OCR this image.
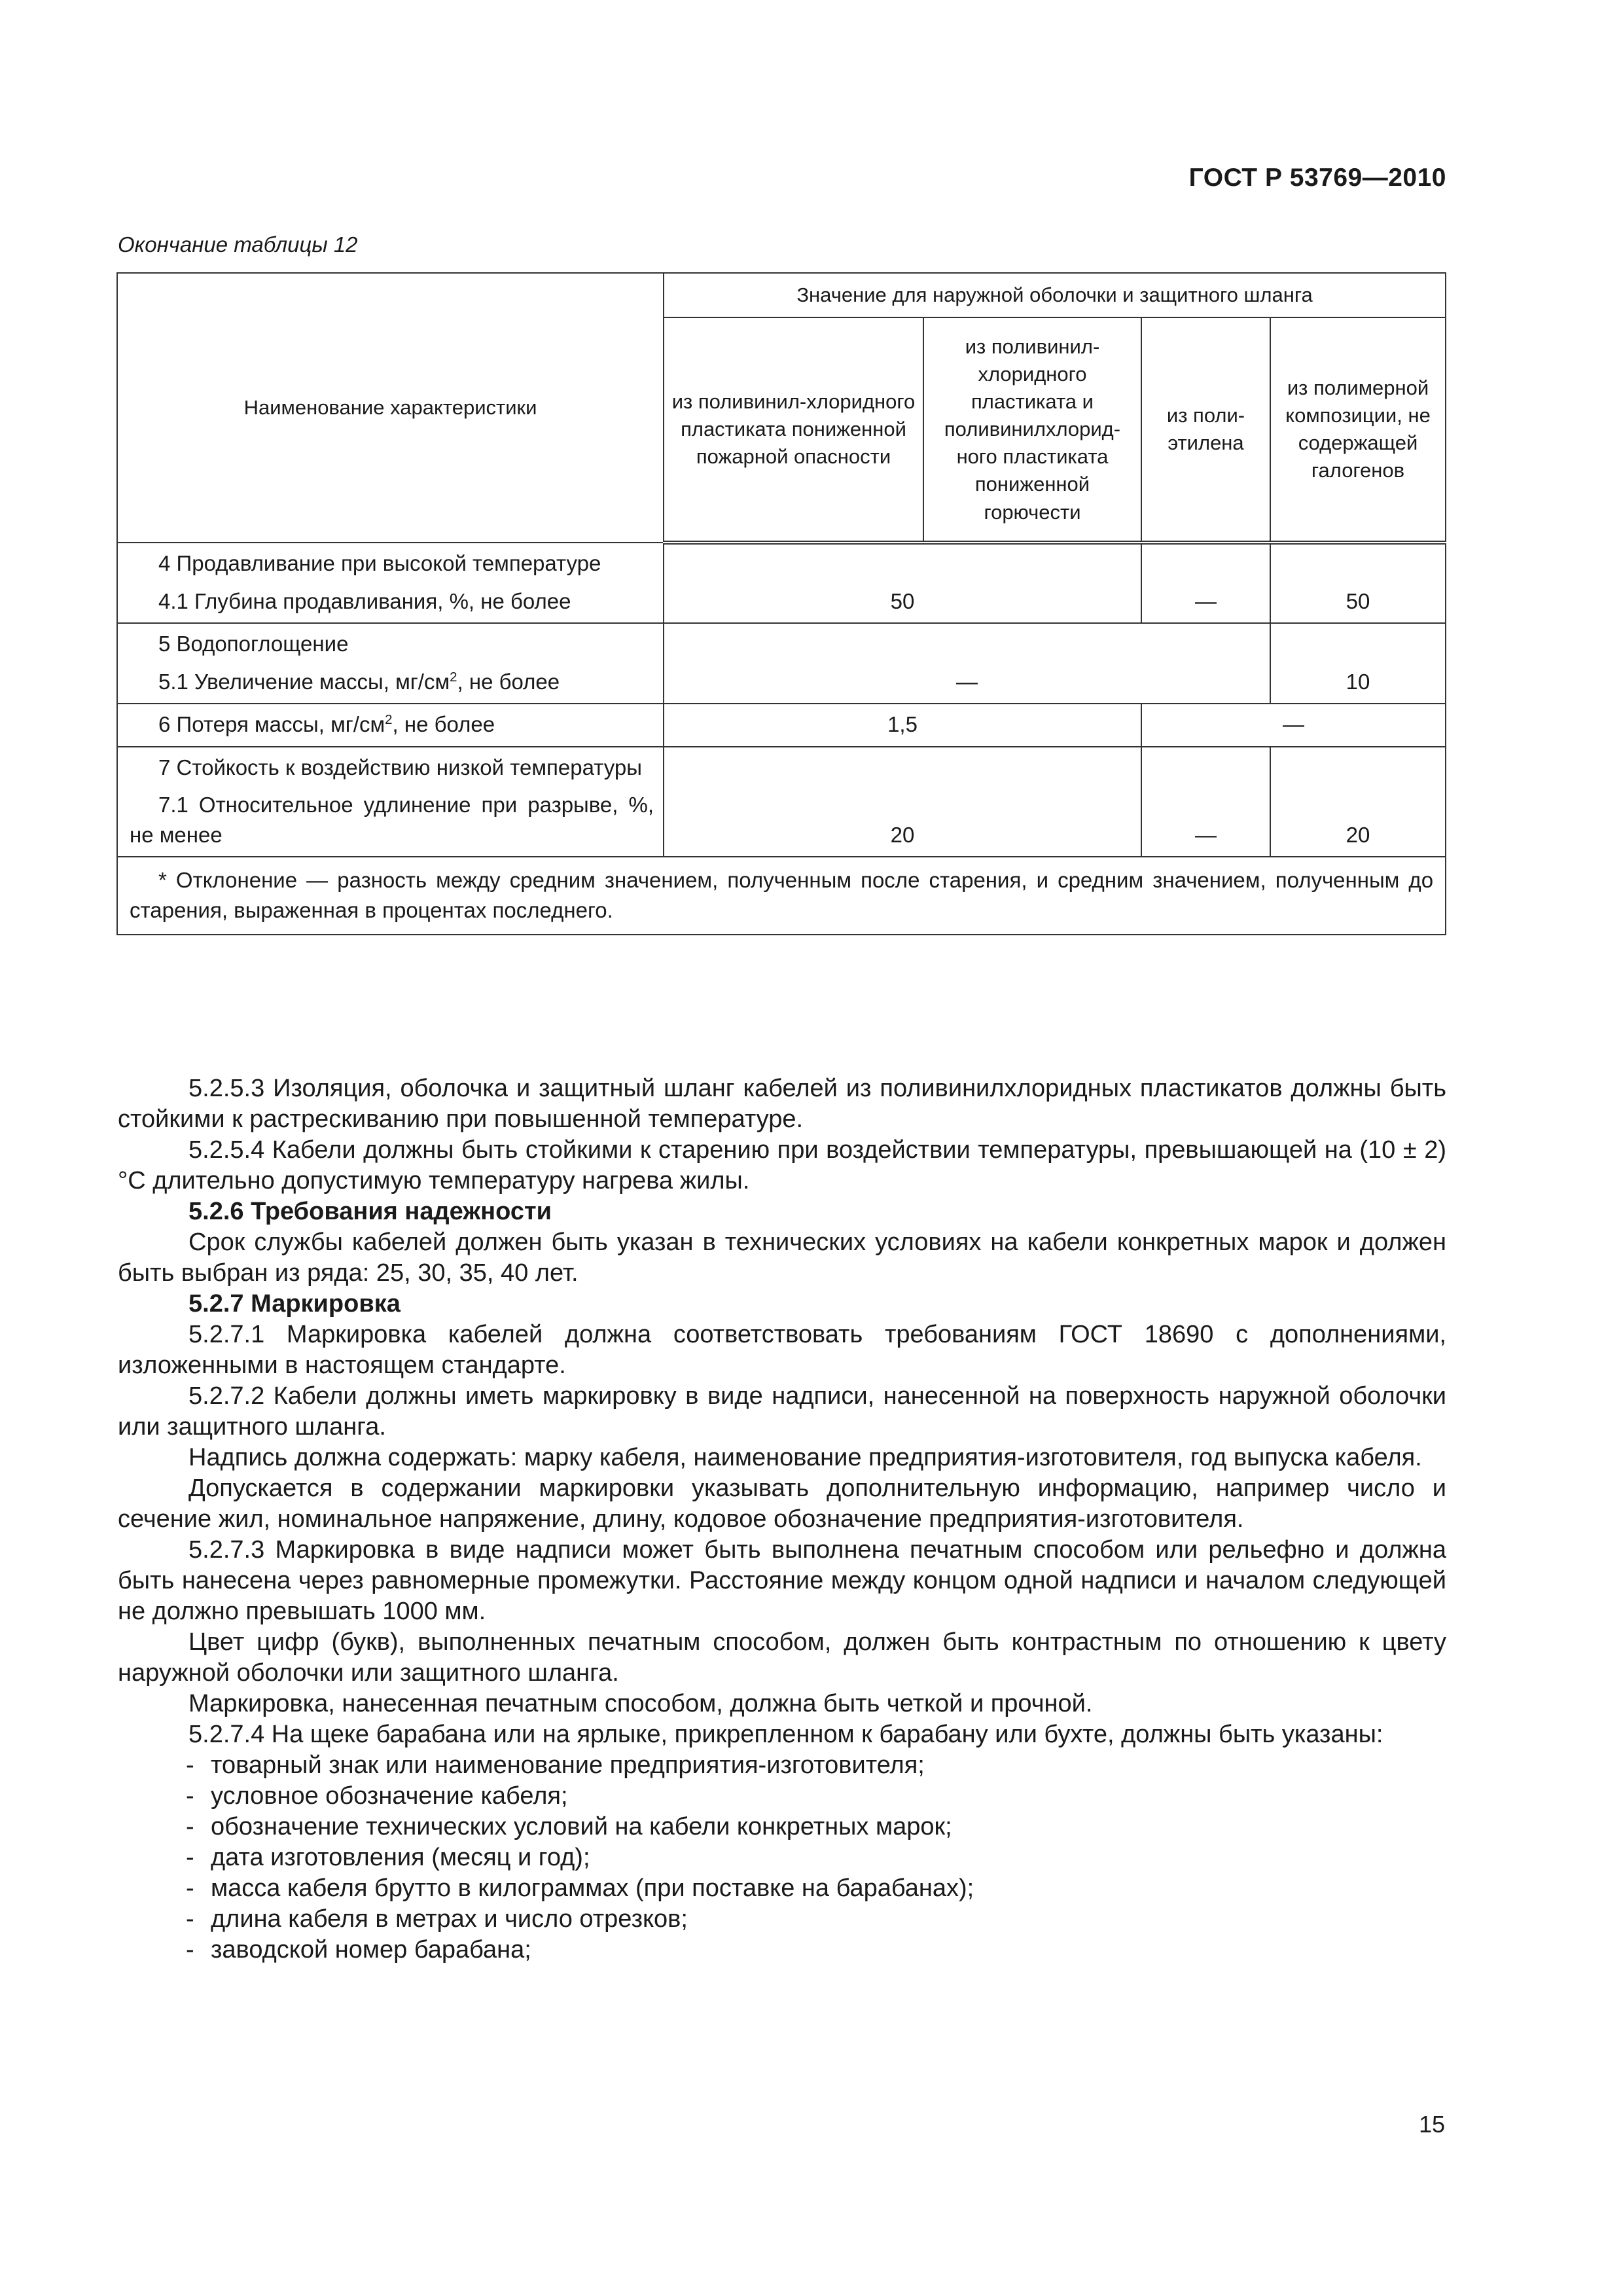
ГОСТ Р 53769—2010
Окончание таблицы 12
Наименование характеристики	Значение для наружной оболочки и защитного шланга			
	из поливинил-хлоридного пластиката пониженной пожарной опасности	из поливинил-хлоридного пластиката и поливинилхлорид-ного пластиката пониженной горючести	из поли-этилена	из полимерной композиции, не содержащей галогенов

4 Продавливание при высокой температуре

4.1 Глубина продавливания, %, не более	50		—	50

5 Водопоглощение

5.1 Увеличение массы, $мг/см^2$, не более	—			10

6 Потеря массы, $мг/см^2$, не более	1,5		—	

7 Стойкость к воздействию низкой температуры

7.1 Относительное удлинение при разрыве, %, не менее	20		—	20
* Отклонение — разность между средним значением, полученным после старения, и средним значением, полученным до старения, выраженная в процентах последнего.				

5.2.5.3 Изоляция, оболочка и защитный шланг кабелей из поливинилхлоридных пластикатов должны быть стойкими к растрескиванию при повышенной температуре.

5.2.5.4 Кабели должны быть стойкими к старению при воздействии температуры, превышающей на (10 ± 2) °С длительно допустимую температуру нагрева жилы.

5.2.6 Требования надежности

Срок службы кабелей должен быть указан в технических условиях на кабели конкретных марок и должен быть выбран из ряда: 25, 30, 35, 40 лет.

5.2.7 Маркировка

5.2.7.1 Маркировка кабелей должна соответствовать требованиям ГОСТ 18690 с дополнениями, изложенными в настоящем стандарте.

5.2.7.2 Кабели должны иметь маркировку в виде надписи, нанесенной на поверхность наружной оболочки или защитного шланга.

Надпись должна содержать: марку кабеля, наименование предприятия-изготовителя, год выпуска кабеля.

Допускается в содержании маркировки указывать дополнительную информацию, например число и сечение жил, номинальное напряжение, длину, кодовое обозначение предприятия-изготовителя.

5.2.7.3 Маркировка в виде надписи может быть выполнена печатным способом или рельефно и должна быть нанесена через равномерные промежутки. Расстояние между концом одной надписи и началом следующей не должно превышать 1000 мм.

Цвет цифр (букв), выполненных печатным способом, должен быть контрастным по отношению к цвету наружной оболочки или защитного шланга.

Маркировка, нанесенная печатным способом, должна быть четкой и прочной.

5.2.7.4 На щеке барабана или на ярлыке, прикрепленном к барабану или бухте, должны быть указаны:

- товарный знак или наименование предприятия-изготовителя;
- условное обозначение кабеля;
- обозначение технических условий на кабели конкретных марок;
- дата изготовления (месяц и год);
- масса кабеля брутто в килограммах (при поставке на барабанах);
- длина кабеля в метрах и число отрезков;
- заводской номер барабана;
15
